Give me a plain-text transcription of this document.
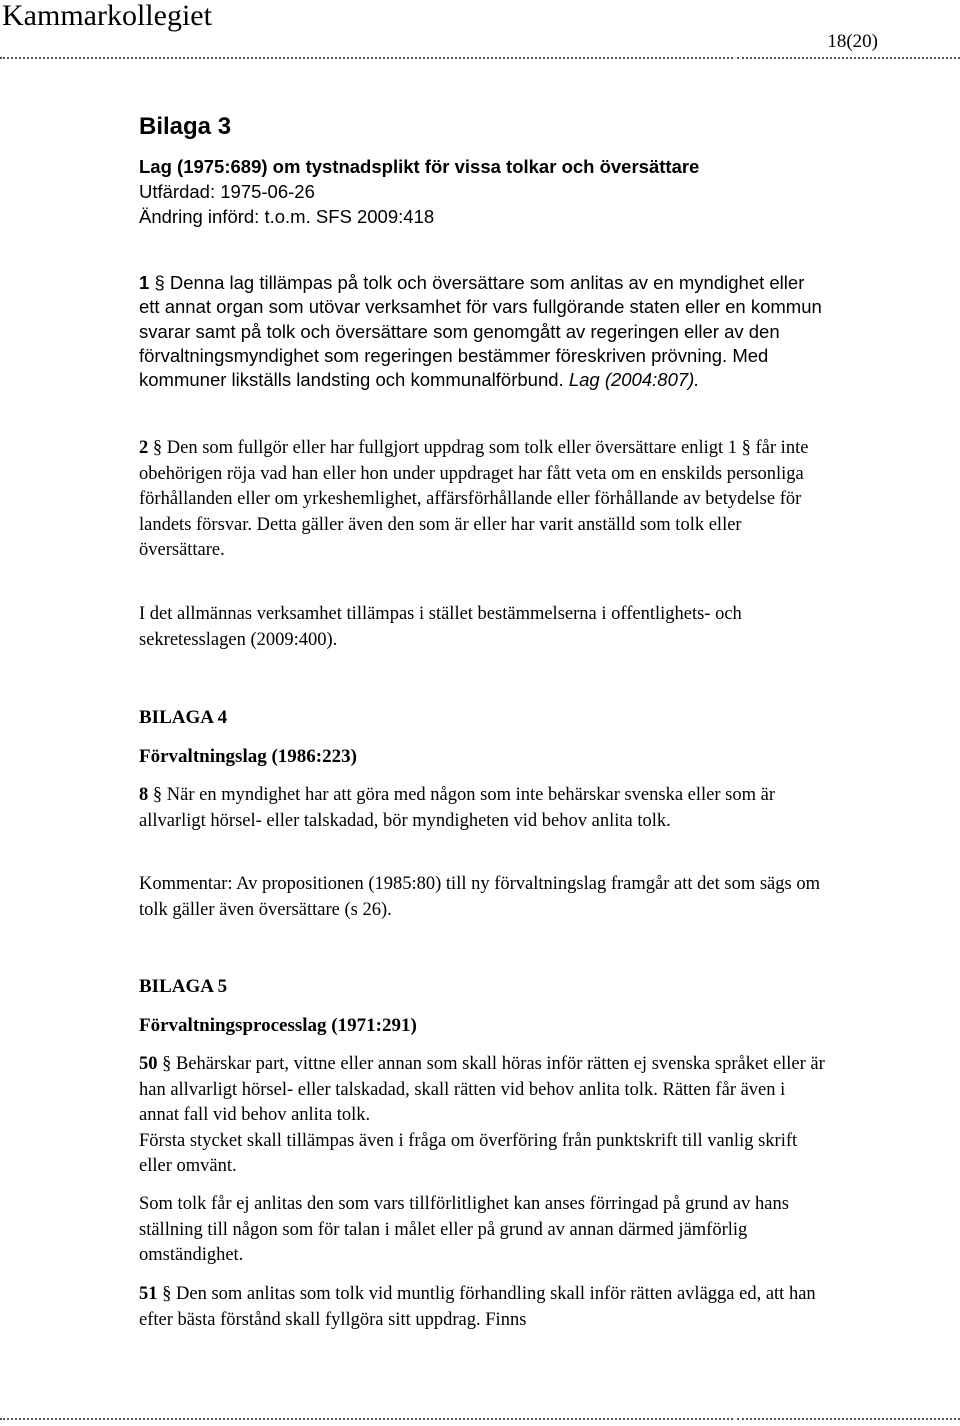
Kammarkollegiet
18(20)
Bilaga 3
Lag (1975:689) om tystnadsplikt för vissa tolkar och översättare
Utfärdad: 1975-06-26
Ändring införd: t.o.m. SFS 2009:418

1 § Denna lag tillämpas på tolk och översättare som anlitas av en myndighet eller ett annat organ som utövar verksamhet för vars fullgörande staten eller en kommun svarar samt på tolk och översättare som genomgått av regeringen eller av den förvaltningsmyndighet som regeringen bestämmer föreskriven prövning. Med kommuner likställs landsting och kommunalförbund. Lag (2004:807).

2 § Den som fullgör eller har fullgjort uppdrag som tolk eller översättare enligt 1 § får inte obehörigen röja vad han eller hon under uppdraget har fått veta om en enskilds personliga förhållanden eller om yrkeshemlighet, affärsförhållande eller förhållande av betydelse för landets försvar. Detta gäller även den som är eller har varit anställd som tolk eller översättare.

I det allmännas verksamhet tillämpas i stället bestämmelserna i offentlighets- och sekretesslagen (2009:400).
BILAGA 4
Förvaltningslag (1986:223)

8 § När en myndighet har att göra med någon som inte behärskar svenska eller som är allvarligt hörsel- eller talskadad, bör myndigheten vid behov anlita tolk.

Kommentar: Av propositionen (1985:80) till ny förvaltningslag framgår att det som sägs om tolk gäller även översättare (s 26).
BILAGA 5
Förvaltningsprocesslag (1971:291)

50 § Behärskar part, vittne eller annan som skall höras inför rätten ej svenska språket eller är han allvarligt hörsel- eller talskadad, skall rätten vid behov anlita tolk. Rätten får även i annat fall vid behov anlita tolk.

Första stycket skall tillämpas även i fråga om överföring från punktskrift till vanlig skrift eller omvänt.

Som tolk får ej anlitas den som vars tillförlitlighet kan anses förringad på grund av hans ställning till någon som för talan i målet eller på grund av annan därmed jämförlig omständighet.

51 § Den som anlitas som tolk vid muntlig förhandling skall inför rätten avlägga ed, att han efter bästa förstånd skall fyllgöra sitt uppdrag. Finns
